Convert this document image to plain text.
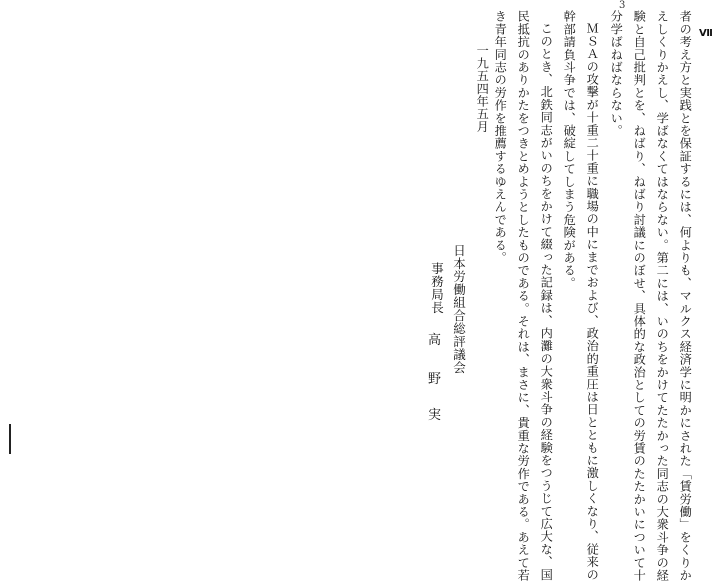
3
Ⅶ
者の考え方と実践とを保証するには、何よりも、マルクス経済学に明かにされた「賃労働」をくりか
えしくりかえし、学ばなくてはならない。第二には、いのちをかけてたたかった同志の大衆斗争の経
験と自己批判とを、ねばり、ねばり討議にのぼせ、具体的な政治としての労賃のたたかいについて十
分学ばねばならない。
ＭＳＡの攻撃が十重二十重に職場の中にまでおよび、政治的重圧は日とともに激しくなり、従来の
幹部請負斗争では、破綻してしまう危険がある。
このとき、北鉄同志がいのちをかけて綴った記録は、内灘の大衆斗争の経験をつうじて広大な、国
民抵抗のありかたをつきとめようとしたものである。それは、まさに、貴重な労作である。あえて若
き青年同志の労作を推薦するゆえんである。
一九五四年五月
日本労働組合総評議会
事務局長
高
野
実
